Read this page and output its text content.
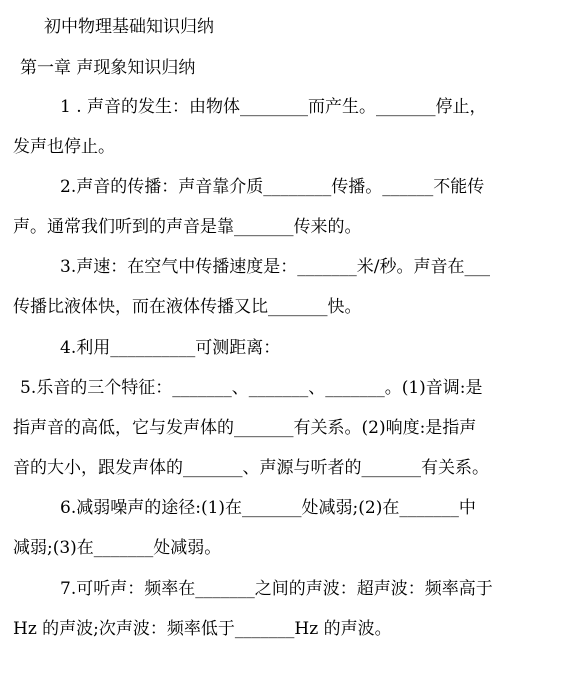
初中物理基础知识归纳
第一章 声现象知识归纳
1 . 声音的发生：由物体________而产生。_______停止，
发声也停止。
2.声音的传播：声音靠介质________传播。______不能传
声。通常我们听到的声音是靠_______传来的。
3.声速：在空气中传播速度是：_______米/秒。声音在___
传播比液体快，而在液体传播又比_______快。
4.利用__________可测距离：
5.乐音的三个特征：_______、_______、_______。(1)音调:是
指声音的高低，它与发声体的_______有关系。(2)响度:是指声
音的大小，跟发声体的_______、声源与听者的_______有关系。
6.减弱噪声的途径:(1)在_______处减弱;(2)在_______中
减弱;(3)在_______处减弱。
7.可听声：频率在_______之间的声波：超声波：频率高于
Hz 的声波;次声波：频率低于_______Hz 的声波。
